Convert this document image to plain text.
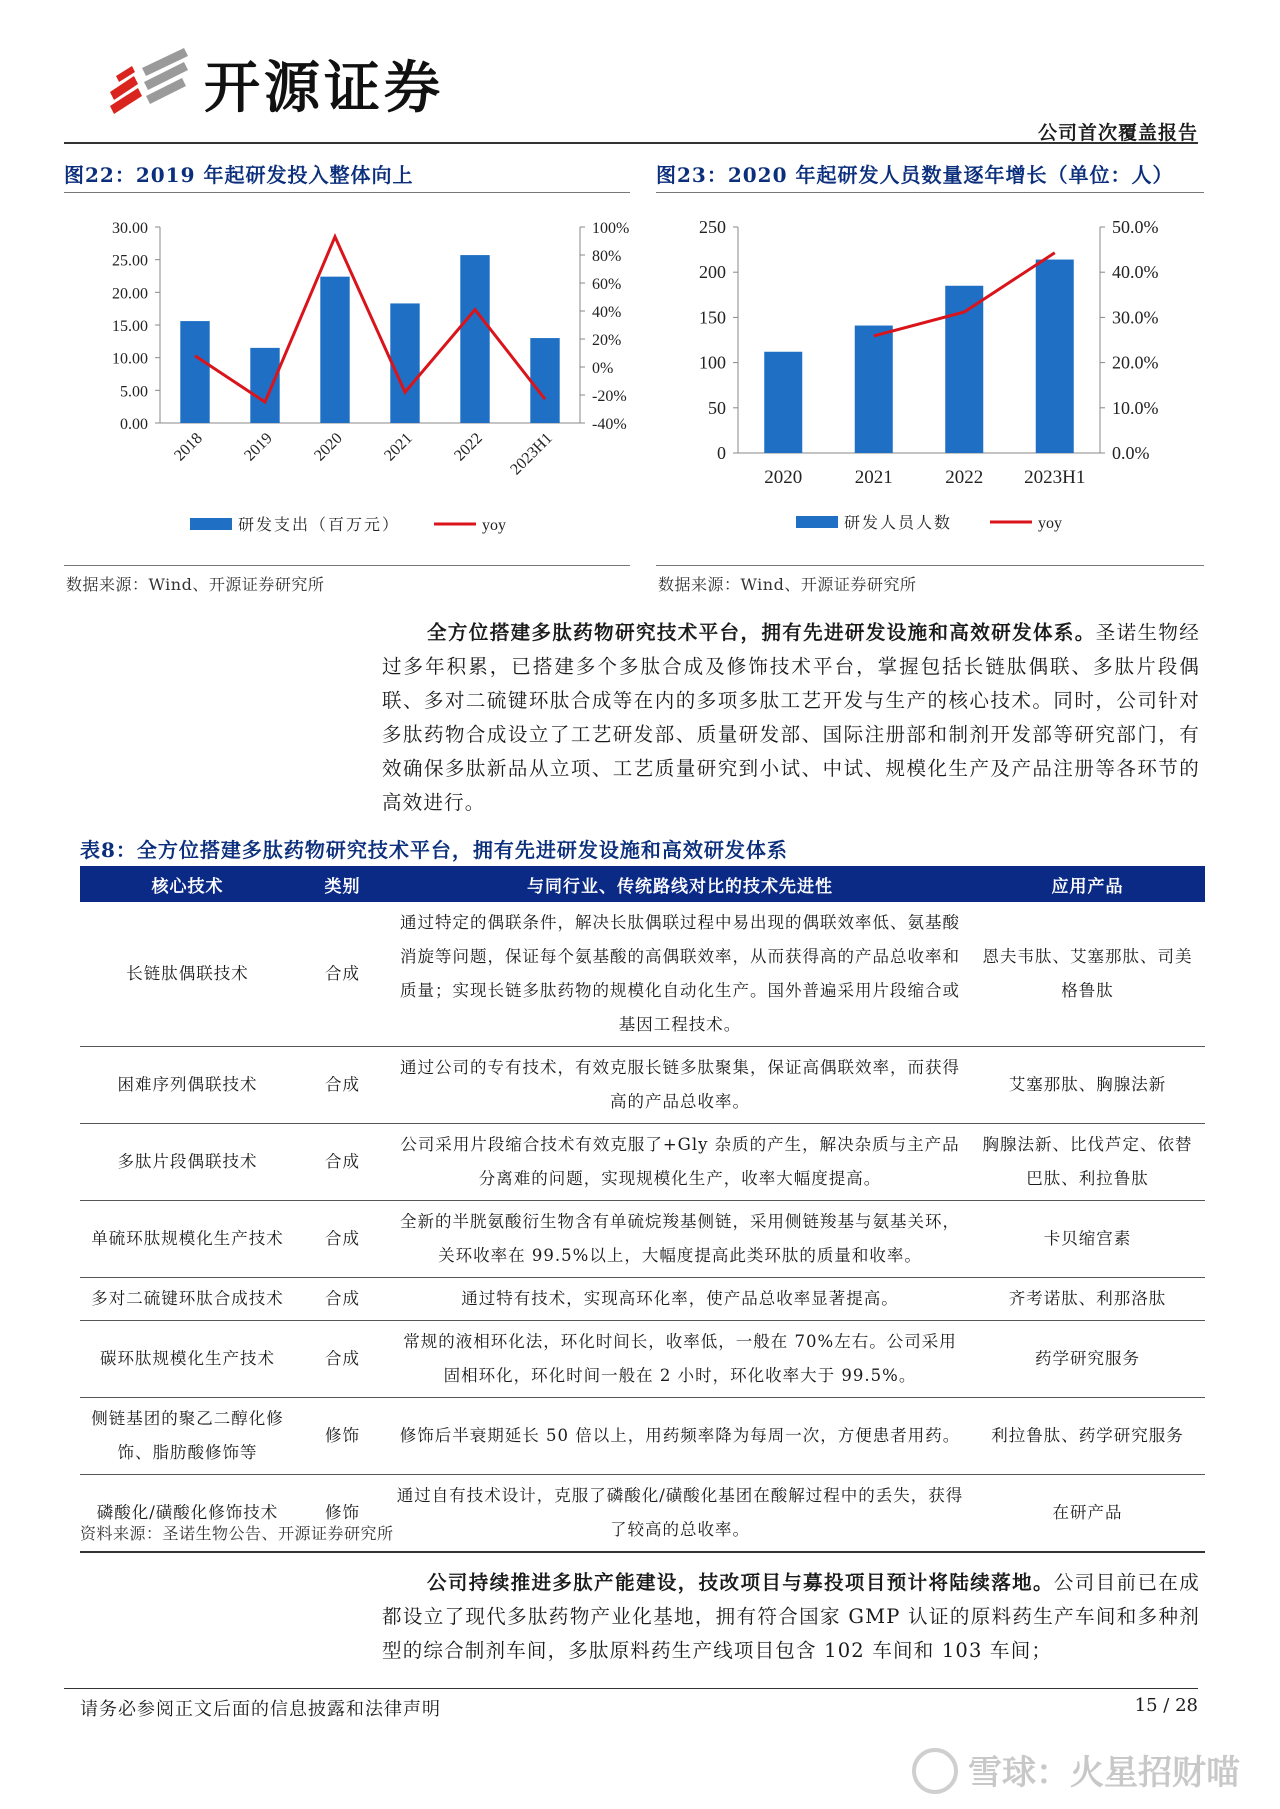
开源证券
公司首次覆盖报告
图22：2019 年起研发投入整体向上
30.00
25.00
20.00
15.00
10.00
5.00
0.00
100%
80%
60%
40%
20%
0%
-20%
-40%
2018 2019 2020 2021 2022 2023H1
研发支出（百万元）	yoy
数据来源：Wind、开源证券研究所
图23：2020 年起研发人员数量逐年增长（单位：人）
250
200
150
100
50
0
50.0%
40.0%
30.0%
20.0%
10.0%
0.0%
2020	2021	2022 2023H1
研发人员人数	yoy
数据来源：Wind、开源证券研究所
全方位搭建多肽药物研究技术平台，拥有先进研发设施和高效研发体系。圣诺生物经过多年积累，已搭建多个多肽合成及修饰技术平台，掌握包括长链肽偶联、多肽片段偶联、多对二硫键环肽合成等在内的多项多肽工艺开发与生产的核心技术。同时，公司针对多肽药物合成设立了工艺研发部、质量研发部、国际注册部和制剂开发部等研究部门，有效确保多肽新品从立项、工艺质量研究到小试、中试、规模化生产及产品注册等各环节的高效进行。
表8：全方位搭建多肽药物研究技术平台，拥有先进研发设施和高效研发体系
核心技术	类别	与同行业、传统路线对比的技术先进性	应用产品
长链肽偶联技术	合成	通过特定的偶联条件，解决长肽偶联过程中易出现的偶联效率低、氨基酸消旋等问题，保证每个氨基酸的高偶联效率，从而获得高的产品总收率和质量；实现长链多肽药物的规模化自动化生产。国外普遍采用片段缩合或基因工程技术。	恩夫韦肽、艾塞那肽、司美格鲁肽
困难序列偶联技术	合成	通过公司的专有技术，有效克服长链多肽聚集，保证高偶联效率，而获得高的产品总收率。	艾塞那肽、胸腺法新
多肽片段偶联技术	合成	公司采用片段缩合技术有效克服了+Gly 杂质的产生，解决杂质与主产品分离难的问题，实现规模化生产，收率大幅度提高。	胸腺法新、比伐芦定、依替巴肽、利拉鲁肽
单硫环肽规模化生产技术	合成	全新的半胱氨酸衍生物含有单硫烷羧基侧链，采用侧链羧基与氨基关环，关环收率在 99.5%以上，大幅度提高此类环肽的质量和收率。	卡贝缩宫素
多对二硫键环肽合成技术	合成	通过特有技术，实现高环化率，使产品总收率显著提高。	齐考诺肽、利那洛肽
碳环肽规模化生产技术	合成	常规的液相环化法，环化时间长，收率低，一般在 70%左右。公司采用固相环化，环化时间一般在 2 小时，环化收率大于 99.5%。	药学研究服务
侧链基团的聚乙二醇化修饰、脂肪酸修饰等	修饰	修饰后半衰期延长 50 倍以上，用药频率降为每周一次，方便患者用药。	利拉鲁肽、药学研究服务
磷酸化/磺酸化修饰技术	修饰	通过自有技术设计，克服了磷酸化/磺酸化基团在酸解过程中的丢失，获得了较高的总收率。	在研产品
资料来源：圣诺生物公告、开源证券研究所
公司持续推进多肽产能建设，技改项目与募投项目预计将陆续落地。公司目前已在成都设立了现代多肽药物产业化基地，拥有符合国家 GMP 认证的原料药生产车间和多种剂型的综合制剂车间，多肽原料药生产线项目包含 102 车间和 103 车间；
请务必参阅正文后面的信息披露和法律声明	15 / 28
雪球：火星招财喵
